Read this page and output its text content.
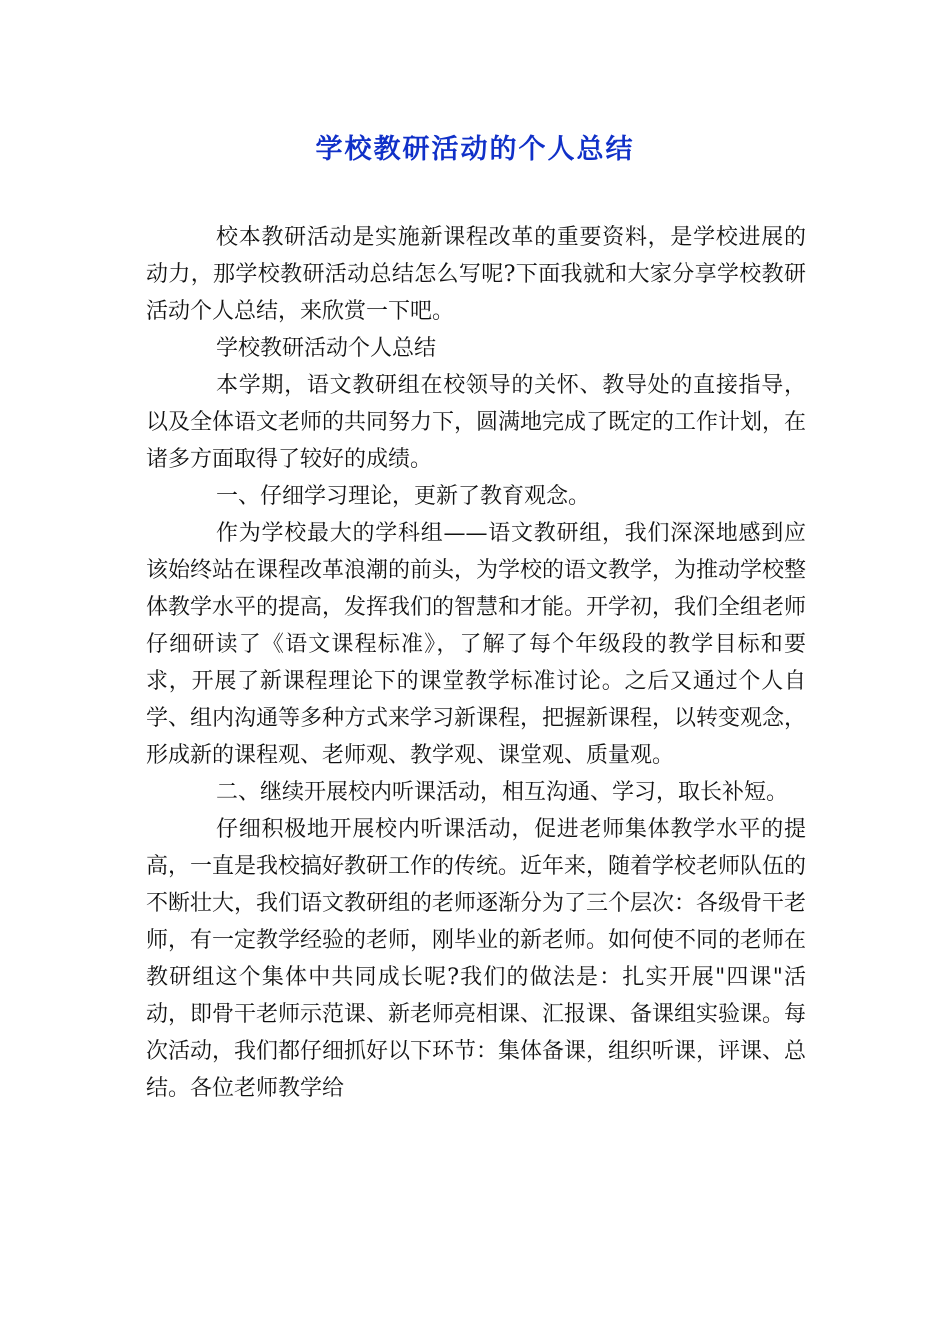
学校教研活动的个人总结

校本教研活动是实施新课程改革的重要资料，是学校进展的动力，那学校教研活动总结怎么写呢?下面我就和大家分享学校教研活动个人总结，来欣赏一下吧。

学校教研活动个人总结

本学期，语文教研组在校领导的关怀、教导处的直接指导，以及全体语文老师的共同努力下，圆满地完成了既定的工作计划，在诸多方面取得了较好的成绩。

一、仔细学习理论，更新了教育观念。

作为学校最大的学科组——语文教研组，我们深深地感到应该始终站在课程改革浪潮的前头，为学校的语文教学，为推动学校整体教学水平的提高，发挥我们的智慧和才能。开学初，我们全组老师仔细研读了《语文课程标准》，了解了每个年级段的教学目标和要求，开展了新课程理论下的课堂教学标准讨论。之后又通过个人自学、组内沟通等多种方式来学习新课程，把握新课程，以转变观念，形成新的课程观、老师观、教学观、课堂观、质量观。

二、继续开展校内听课活动，相互沟通、学习，取长补短。

仔细积极地开展校内听课活动，促进老师集体教学水平的提高，一直是我校搞好教研工作的传统。近年来，随着学校老师队伍的不断壮大，我们语文教研组的老师逐渐分为了三个层次：各级骨干老师，有一定教学经验的老师，刚毕业的新老师。如何使不同的老师在教研组这个集体中共同成长呢?我们的做法是：扎实开展"四课"活动，即骨干老师示范课、新老师亮相课、汇报课、备课组实验课。每次活动，我们都仔细抓好以下环节：集体备课，组织听课，评课、总结。各位老师教学给
